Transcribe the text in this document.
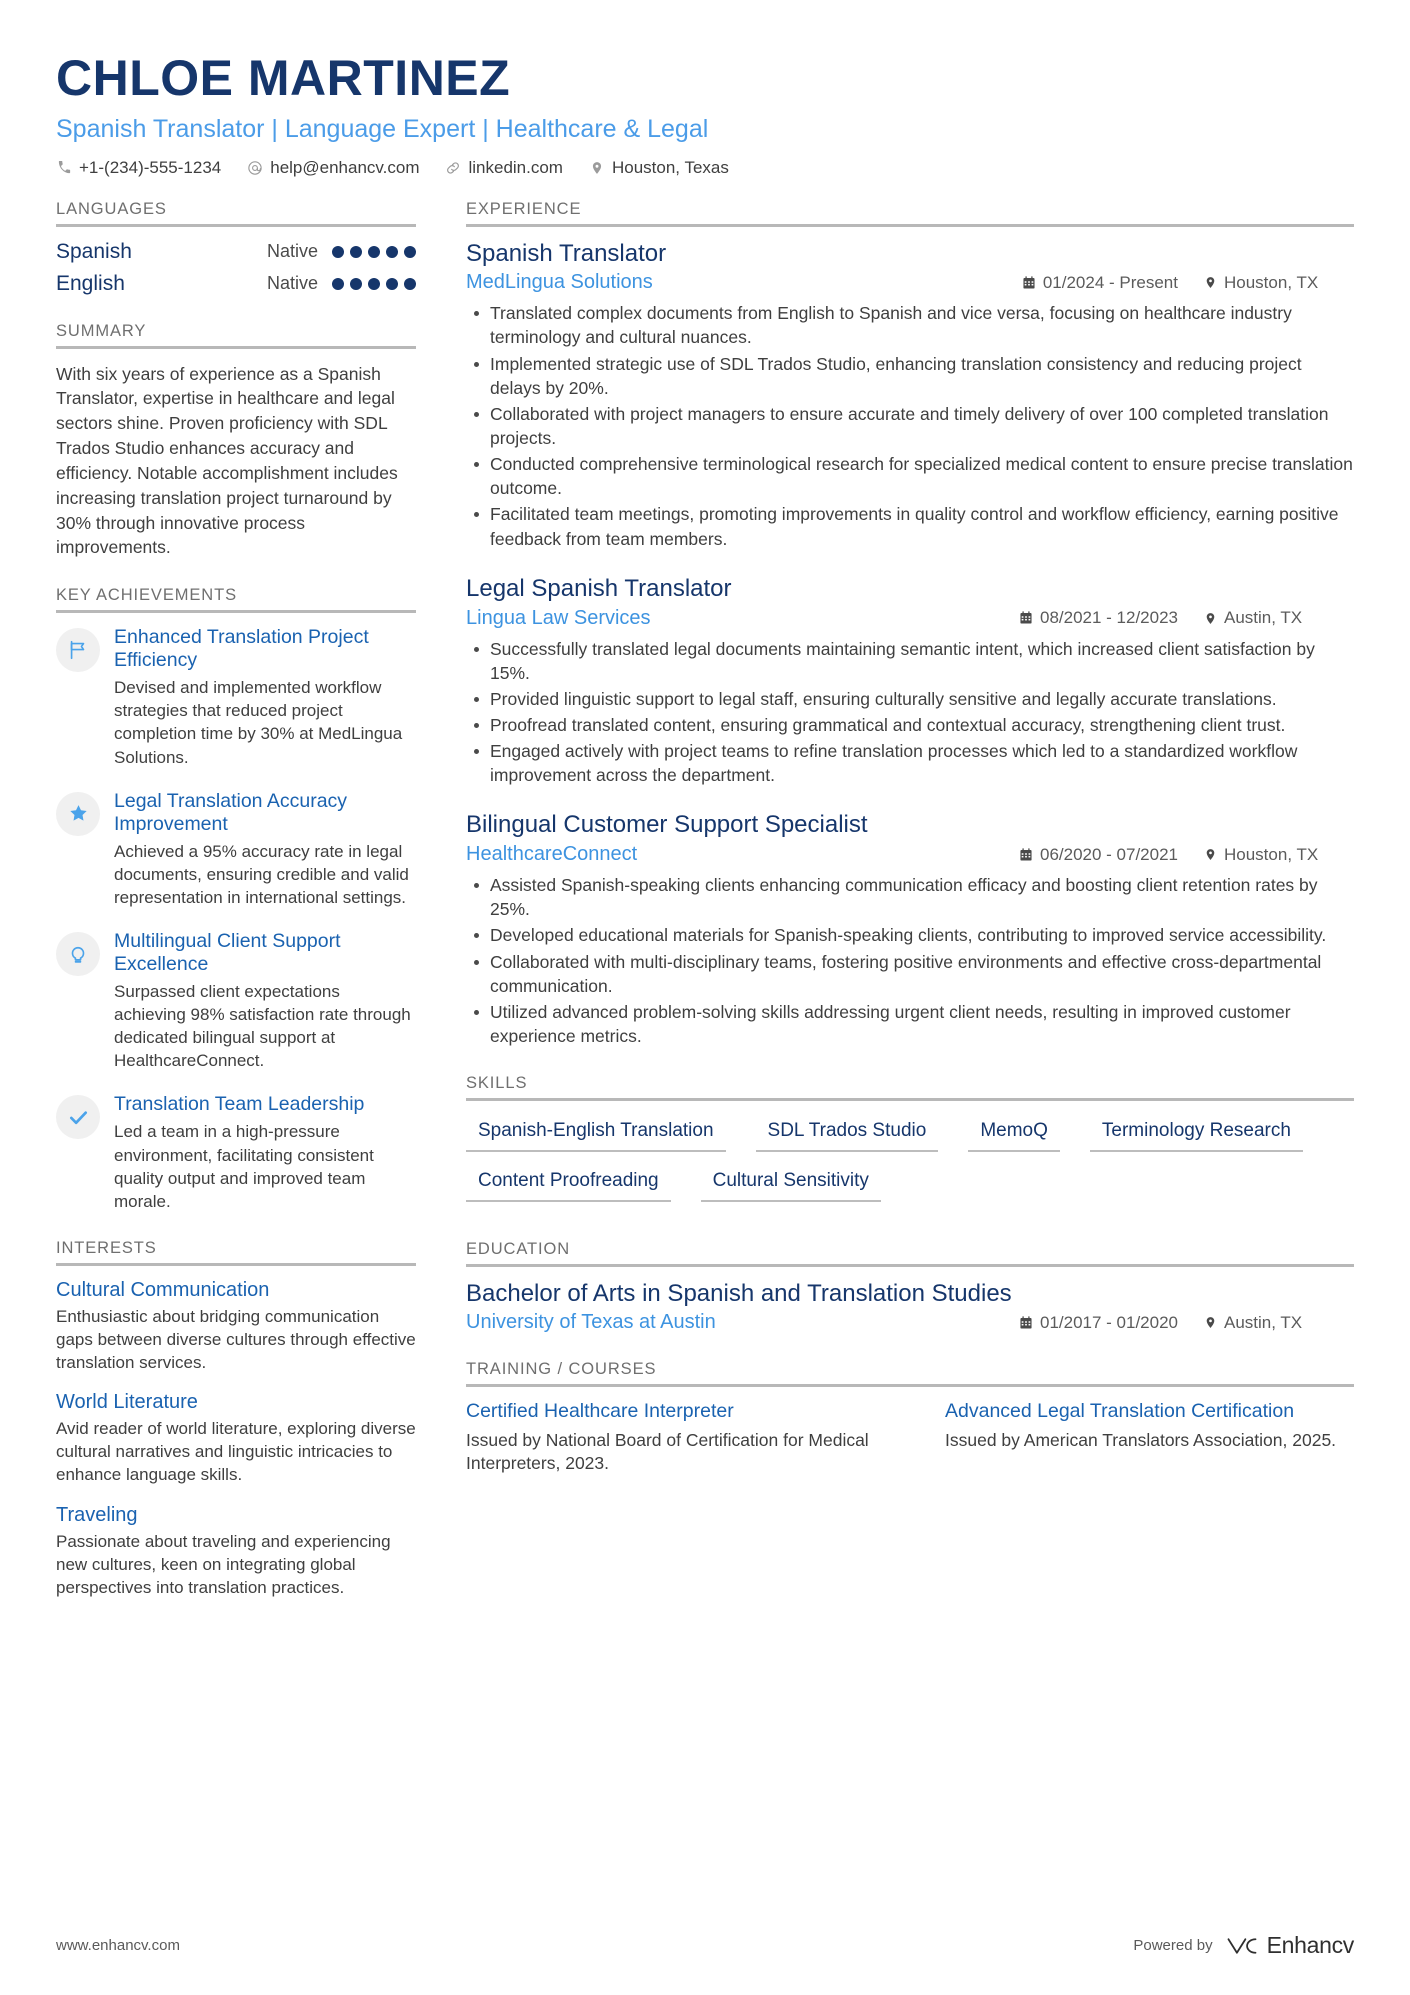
CHLOE MARTINEZ
Spanish Translator | Language Expert | Healthcare & Legal
+1-(234)-555-1234	help@enhancv.com	linkedin.com	Houston, Texas
LANGUAGES
Spanish	Native
English	Native
SUMMARY
With six years of experience as a Spanish Translator, expertise in healthcare and legal sectors shine. Proven proficiency with SDL Trados Studio enhances accuracy and efficiency. Notable accomplishment includes increasing translation project turnaround by 30% through innovative process improvements.
KEY ACHIEVEMENTS
Enhanced Translation Project Efficiency
Devised and implemented workflow strategies that reduced project completion time by 30% at MedLingua Solutions.
Legal Translation Accuracy Improvement
Achieved a 95% accuracy rate in legal documents, ensuring credible and valid representation in international settings.
Multilingual Client Support Excellence
Surpassed client expectations achieving 98% satisfaction rate through dedicated bilingual support at HealthcareConnect.
Translation Team Leadership
Led a team in a high-pressure environment, facilitating consistent quality output and improved team morale.
INTERESTS
Cultural Communication
Enthusiastic about bridging communication gaps between diverse cultures through effective translation services.
World Literature
Avid reader of world literature, exploring diverse cultural narratives and linguistic intricacies to enhance language skills.
Traveling
Passionate about traveling and experiencing new cultures, keen on integrating global perspectives into translation practices.
EXPERIENCE
Spanish Translator
MedLingua Solutions	01/2024 - Present	Houston, TX
Translated complex documents from English to Spanish and vice versa, focusing on healthcare industry terminology and cultural nuances.
Implemented strategic use of SDL Trados Studio, enhancing translation consistency and reducing project delays by 20%.
Collaborated with project managers to ensure accurate and timely delivery of over 100 completed translation projects.
Conducted comprehensive terminological research for specialized medical content to ensure precise translation outcome.
Facilitated team meetings, promoting improvements in quality control and workflow efficiency, earning positive feedback from team members.
Legal Spanish Translator
Lingua Law Services	08/2021 - 12/2023	Austin, TX
Successfully translated legal documents maintaining semantic intent, which increased client satisfaction by 15%.
Provided linguistic support to legal staff, ensuring culturally sensitive and legally accurate translations.
Proofread translated content, ensuring grammatical and contextual accuracy, strengthening client trust.
Engaged actively with project teams to refine translation processes which led to a standardized workflow improvement across the department.
Bilingual Customer Support Specialist
HealthcareConnect	06/2020 - 07/2021	Houston, TX
Assisted Spanish-speaking clients enhancing communication efficacy and boosting client retention rates by 25%.
Developed educational materials for Spanish-speaking clients, contributing to improved service accessibility.
Collaborated with multi-disciplinary teams, fostering positive environments and effective cross-departmental communication.
Utilized advanced problem-solving skills addressing urgent client needs, resulting in improved customer experience metrics.
SKILLS
Spanish-English Translation	SDL Trados Studio	MemoQ	Terminology Research
Content Proofreading	Cultural Sensitivity
EDUCATION
Bachelor of Arts in Spanish and Translation Studies
University of Texas at Austin	01/2017 - 01/2020	Austin, TX
TRAINING / COURSES
Certified Healthcare Interpreter
Issued by National Board of Certification for Medical Interpreters, 2023.
Advanced Legal Translation Certification
Issued by American Translators Association, 2025.
www.enhancv.com	Powered by Enhancv
